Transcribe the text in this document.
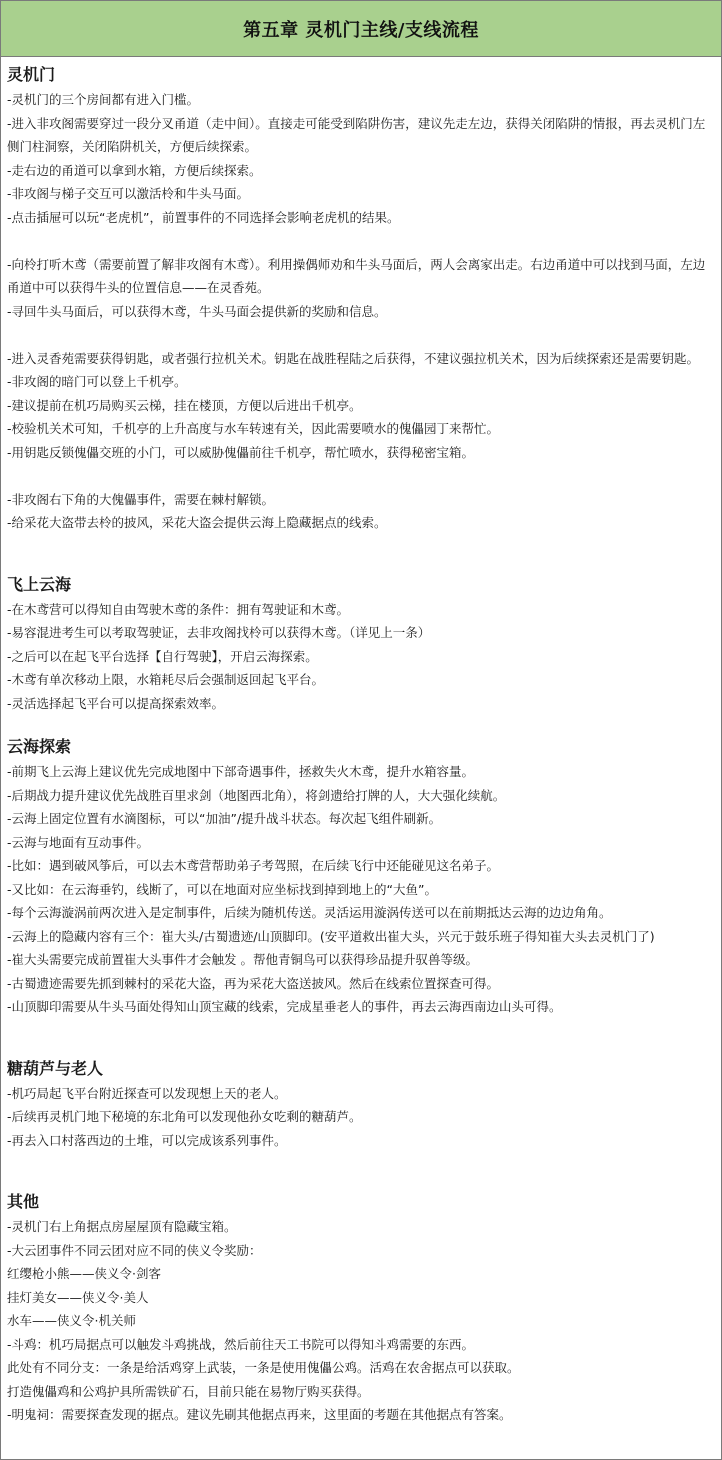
第五章 灵机门主线/支线流程
灵机门
-灵机门的三个房间都有进入门槛。
-进入非攻阁需要穿过一段分叉甬道（走中间）。直接走可能受到陷阱伤害，建议先走左边，获得关闭陷阱的情报，再去灵机门左侧门柱洞察，关闭陷阱机关，方便后续探索。
-走右边的甬道可以拿到水箱，方便后续探索。
-非攻阁与梯子交互可以激活柃和牛头马面。
-点击插屉可以玩“老虎机”，前置事件的不同选择会影响老虎机的结果。
-向柃打听木鸢（需要前置了解非攻阁有木鸢）。利用操偶师劝和牛头马面后，两人会离家出走。右边甬道中可以找到马面，左边甬道中可以获得牛头的位置信息——在灵香苑。
-寻回牛头马面后，可以获得木鸢，牛头马面会提供新的奖励和信息。
-进入灵香苑需要获得钥匙，或者强行拉机关术。钥匙在战胜程陆之后获得，不建议强拉机关术，因为后续探索还是需要钥匙。
-非攻阁的暗门可以登上千机亭。
-建议提前在机巧局购买云梯，挂在楼顶，方便以后进出千机亭。
-校验机关术可知，千机亭的上升高度与水车转速有关，因此需要喷水的傀儡园丁来帮忙。
-用钥匙反锁傀儡交班的小门，可以威胁傀儡前往千机亭，帮忙喷水，获得秘密宝箱。
-非攻阁右下角的大傀儡事件，需要在棘村解锁。
-给采花大盗带去柃的披风，采花大盗会提供云海上隐藏据点的线索。
飞上云海
-在木鸢营可以得知自由驾驶木鸢的条件：拥有驾驶证和木鸢。
-易容混进考生可以考取驾驶证，去非攻阁找柃可以获得木鸢。（详见上一条）
-之后可以在起飞平台选择【自行驾驶】，开启云海探索。
-木鸢有单次移动上限，水箱耗尽后会强制返回起飞平台。
-灵活选择起飞平台可以提高探索效率。
云海探索
-前期飞上云海上建议优先完成地图中下部奇遇事件，拯救失火木鸢，提升水箱容量。
-后期战力提升建议优先战胜百里求剑（地图西北角），将剑遗给打牌的人，大大强化续航。
-云海上固定位置有水滴图标，可以“加油”/提升战斗状态。每次起飞组件刷新。
-云海与地面有互动事件。
-比如：遇到破风筝后，可以去木鸢营帮助弟子考驾照，在后续飞行中还能碰见这名弟子。
-又比如：在云海垂钓，线断了，可以在地面对应坐标找到掉到地上的“大鱼”。
-每个云海漩涡前两次进入是定制事件，后续为随机传送。灵活运用漩涡传送可以在前期抵达云海的边边角角。
-云海上的隐藏内容有三个：崔大头/古蜀遗迹/山顶脚印。(安平道救出崔大头，兴元于鼓乐班子得知崔大头去灵机门了)
-崔大头需要完成前置崔大头事件才会触发 。帮他青铜鸟可以获得珍品提升驭兽等级。
-古蜀遗迹需要先抓到棘村的采花大盗，再为采花大盗送披风。然后在线索位置探查可得。
-山顶脚印需要从牛头马面处得知山顶宝藏的线索，完成星垂老人的事件，再去云海西南边山头可得。
糖葫芦与老人
-机巧局起飞平台附近探查可以发现想上天的老人。
-后续再灵机门地下秘境的东北角可以发现他孙女吃剩的糖葫芦。
-再去入口村落西边的土堆，可以完成该系列事件。
其他
-灵机门右上角据点房屋屋顶有隐藏宝箱。
-大云团事件不同云团对应不同的侠义令奖励：
红缨枪小熊——侠义令·剑客
挂灯美女——侠义令·美人
水车——侠义令·机关师
-斗鸡：机巧局据点可以触发斗鸡挑战，然后前往天工书院可以得知斗鸡需要的东西。
此处有不同分支：一条是给活鸡穿上武装，一条是使用傀儡公鸡。活鸡在农舍据点可以获取。
打造傀儡鸡和公鸡护具所需铁矿石，目前只能在易物厅购买获得。
-明鬼祠：需要探查发现的据点。建议先刷其他据点再来，这里面的考题在其他据点有答案。
